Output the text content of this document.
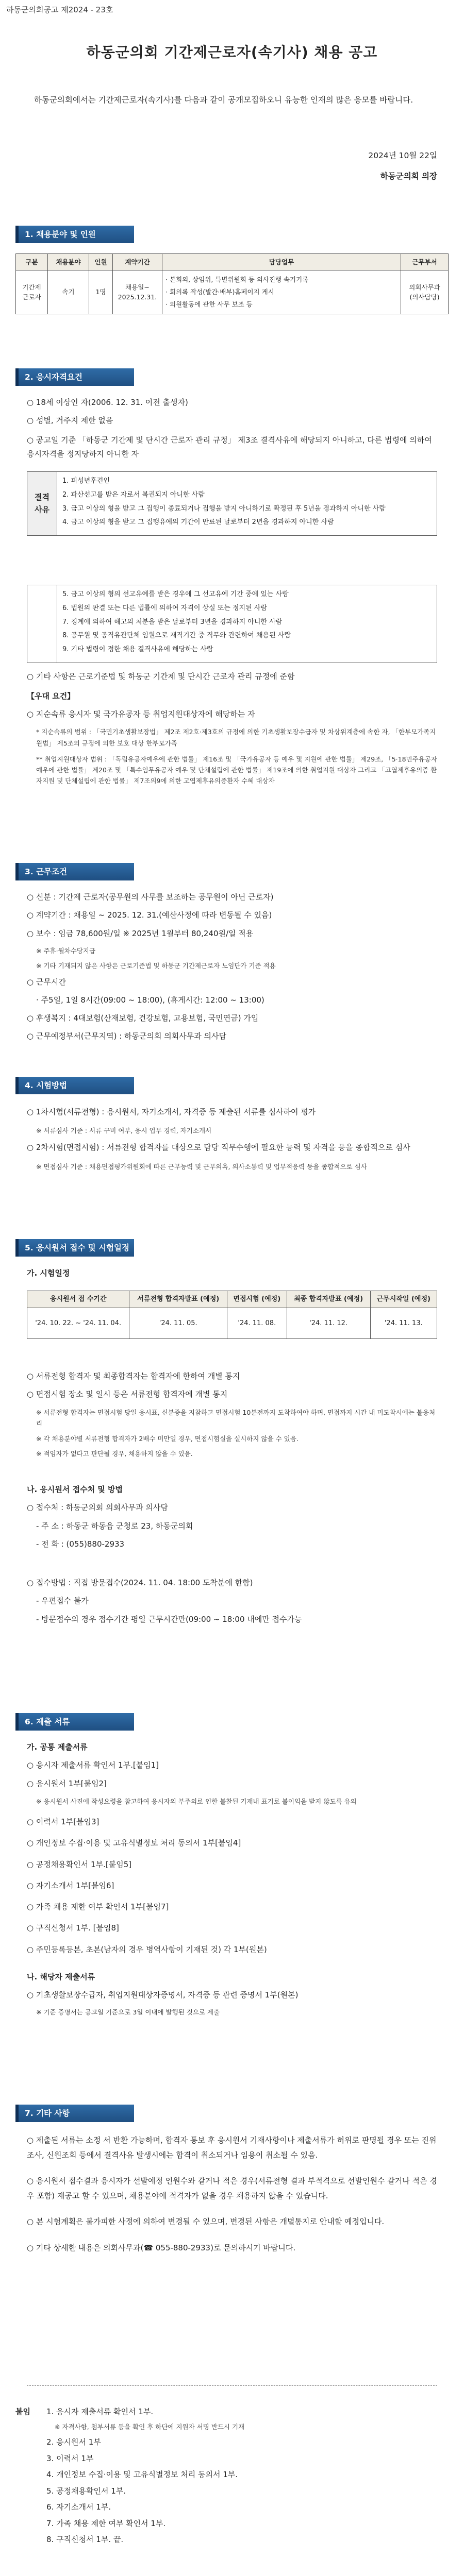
하동군의회공고 제2024 - 23호
하동군의회 기간제근로자(속기사) 채용 공고
하동군의회에서는 기간제근로자(속기사)를 다음과 같이 공개모집하오니 유능한 인재의 많은 응모를 바랍니다.
2024년 10월 22일
하동군의회 의장
1. 채용분야 및 인원
구분	채용분야	인원	계약기간	담당업무	근무부서
기간제 근로자	속기	1명	채용일~ 2025.12.31.	· 본회의, 상임위, 특별위원회 등 의사진행 속기기록
· 회의록 작성(발간·배부)홈페이지 게시
· 의원활동에 관한 사무 보조 등	의회사무과 (의사담당)
2. 응시자격요건
○ 18세 이상인 자(2006. 12. 31. 이전 출생자)
○ 성별, 거주지 제한 없음
○ 공고일 기준 「하동군 기간제 및 단시간 근로자 관리 규정」 제3조 결격사유에 해당되지 아니하고, 다른 법령에 의하여 응시자격을 정지당하지 아니한 자
결격 사유	
1. 피성년후견인
2. 파산선고를 받은 자로서 복권되지 아니한 사람
3. 금고 이상의 형을 받고 그 집행이 종료되거나 집행을 받지 아니하기로 확정된 후 5년을 경과하지 아니한 사람
4. 금고 이상의 형을 받고 그 집행유예의 기간이 만료된 날로부터 2년을 경과하지 아니한 사람

5. 금고 이상의 형의 선고유예를 받은 경우에 그 선고유예 기간 중에 있는 사람
6. 법원의 판결 또는 다른 법률에 의하여 자격이 상실 또는 정지된 사람
7. 징계에 의하여 해고의 처분을 받은 날로부터 3년을 경과하지 아니한 사람
8. 공무원 및 공직유관단체 임원으로 재직기간 중 직무와 관련하여 채용된 사람
9. 기타 법령이 정한 채용 결격사유에 해당하는 사람
○ 기타 사항은 근로기준법 및 하동군 기간제 및 단시간 근로자 관리 규정에 준함
【우대 요건】
○ 지순속류 응시자 및 국가유공자 등 취업지원대상자에 해당하는 자
* 지순속류의 범위 : 「국민기초생활보장법」 제2조 제2호·제3호의 규정에 의한 기초생활보장수급자 및 차상위계층에 속한 자, 「한부모가족지원법」 제5조의 규정에 의한 보호 대상 한부모가족
** 취업지원대상자 범위 : 「독립유공자예우에 관한 법률」 제16조 및 「국가유공자 등 예우 및 지원에 관한 법률」 제29조, 「5·18민주유공자예우에 관한 법률」 제20조 및 「특수임무유공자 예우 및 단체설립에 관한 법률」 제19조에 의한 취업지원 대상자 그리고 「고엽제후유의증 환자지원 및 단체설립에 관한 법률」 제7조의9에 의한 고엽제후유의증환자 수혜 대상자
3. 근무조건
○ 신분 : 기간제 근로자(공무원의 사무를 보조하는 공무원이 아닌 근로자)
○ 계약기간 : 채용일 ~ 2025. 12. 31.(예산사정에 따라 변동될 수 있음)
○ 보수 : 임금 78,600원/일 ※ 2025년 1월부터 80,240원/일 적용
※ 주휴·월차수당지급
※ 기타 기재되지 않은 사항은 근로기준법 및 하동군 기간제근로자 노임단가 기준 적용
○ 근무시간
· 주5일, 1일 8시간(09:00 ~ 18:00), (휴게시간: 12:00 ~ 13:00)
○ 후생복지 : 4대보험(산재보험, 건강보험, 고용보험, 국민연금) 가입
○ 근무예정부서(근무지역) : 하동군의회 의회사무과 의사담
4. 시험방법
○ 1차시험(서류전형) : 응시원서, 자기소개서, 자격증 등 제출된 서류를 심사하여 평가
※ 서류심사 기준 : 서류 구비 여부, 응시 업무 경력, 자기소개서
○ 2차시험(면접시험) : 서류전형 합격자를 대상으로 담당 직무수행에 필요한 능력 및 자격을 등을 종합적으로 심사
※ 면접심사 기준 : 채용면접평가위원회에 따른 근무능력 및 근무의욕, 의사소통력 및 업무적응력 등을 종합적으로 심사
5. 응시원서 접수 및 시험일정
가. 시험일정
응시원서 접 수기간	서류전형 합격자발표 (예정)	면접시험 (예정)	최종 합격자발표 (예정)	근무시작일 (예정)
'24. 10. 22. ~ '24. 11. 04.	'24. 11. 05.	'24. 11. 08.	'24. 11. 12.	'24. 11. 13.
○ 서류전형 합격자 및 최종합격자는 합격자에 한하여 개별 통지
○ 면접시험 장소 및 일시 등은 서류전형 합격자에 개별 통지
※ 서류전형 합격자는 면접시험 당일 응시표, 신분증을 지참하고 면접시험 10분전까지 도착하여야 하며, 면접까지 시간 내 미도착시에는 불응처리
※ 각 채용분야별 서류전형 합격자가 2배수 미만일 경우, 면접시험실을 실시하지 않을 수 있음.
※ 적임자가 없다고 판단될 경우, 채용하지 않을 수 있음.
나. 응시원서 접수처 및 방법
○ 접수처 : 하동군의회 의회사무과 의사담
- 주 소 : 하동군 하동읍 군청로 23, 하동군의회
- 전 화 : (055)880-2933
○ 접수방법 : 직접 방문접수(2024. 11. 04. 18:00 도착분에 한함)
- 우편접수 불가
- 방문접수의 경우 접수기간 평일 근무시간만(09:00 ~ 18:00 내에만 접수가능
6. 제출 서류
가. 공통 제출서류
○ 응시자 제출서류 확인서 1부.[붙임1]
○ 응시원서 1부[붙임2]
※ 응시원서 사진에 작성요령을 참고하여 응시자의 부주의로 인한 불찰된 기재내 표기로 불이익을 받지 않도록 유의
○ 이력서 1부[붙임3]
○ 개인정보 수집·이용 및 고유식별정보 처리 동의서 1부[붙임4]
○ 공정채용확인서 1부.[붙임5]
○ 자기소개서 1부[붙임6]
○ 가족 채용 제한 여부 확인서 1부[붙임7]
○ 구직신청서 1부. [붙임8]
○ 주민등록등본, 초본(남자의 경우 병역사항이 기재된 것) 각 1부(원본)
나. 해당자 제출서류
○ 기초생활보장수급자, 취업지원대상자증명서, 자격증 등 관련 증명서 1부(원본)
※ 기준 증명서는 공고일 기준으로 3일 이내에 발행된 것으로 제출
7. 기타 사항
○ 제출된 서류는 소정 서 반환 가능하며, 합격자 통보 후 응시원서 기재사항이나 제출서류가 허위로 판명될 경우 또는 진위조사, 신원조회 등에서 결격사유 발생시에는 합격이 취소되거나 임용이 취소될 수 있음.
○ 응시원서 접수결과 응시자가 선발예정 인원수와 같거나 적은 경우(서류전형 결과 부적격으로 선발인원수 같거나 적은 경우 포함) 재공고 할 수 있으며, 채용분야에 적격자가 없을 경우 채용하지 않을 수 있습니다.
○ 본 시험계획은 불가피한 사정에 의하여 변경될 수 있으며, 변경된 사항은 개별통지로 안내할 예정입니다.
○ 기타 상세한 내용은 의회사무과(☎ 055-880-2933)로 문의하시기 바랍니다.
붙임 1. 응시자 제출서류 확인서 1부.
※ 자격사항, 첨부서류 등을 확인 후 하단에 지원자 서명 반드시 기재
2. 응시원서 1부
3. 이력서 1부
4. 개인정보 수집·이용 및 고유식별정보 처리 동의서 1부.
5. 공정채용확인서 1부.
6. 자기소개서 1부.
7. 가족 채용 제한 여부 확인서 1부.
8. 구직신청서 1부. 끝.
